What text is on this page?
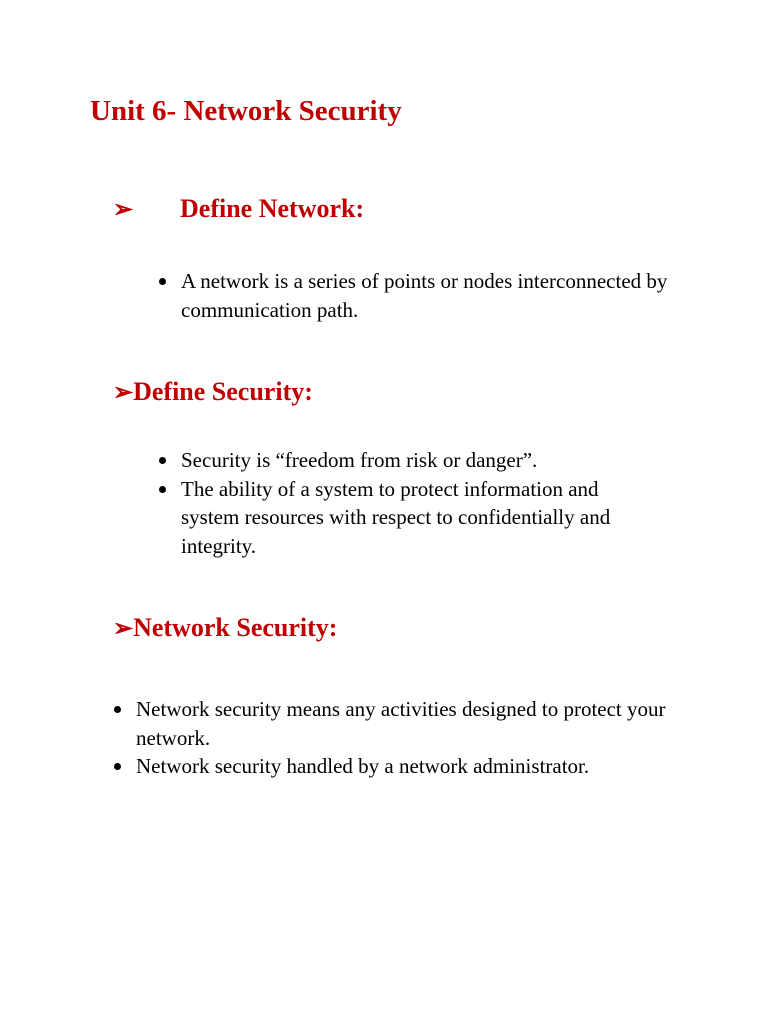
Unit 6- Network Security
➢ Define Network:
A network is a series of points or nodes interconnected by communication path.
➢Define Security:
Security is “freedom from risk or danger”.
The ability of a system to protect information and system resources with respect to confidentially and integrity.
➢Network Security:
Network security means any activities designed to protect your network.
Network security handled by a network administrator.
